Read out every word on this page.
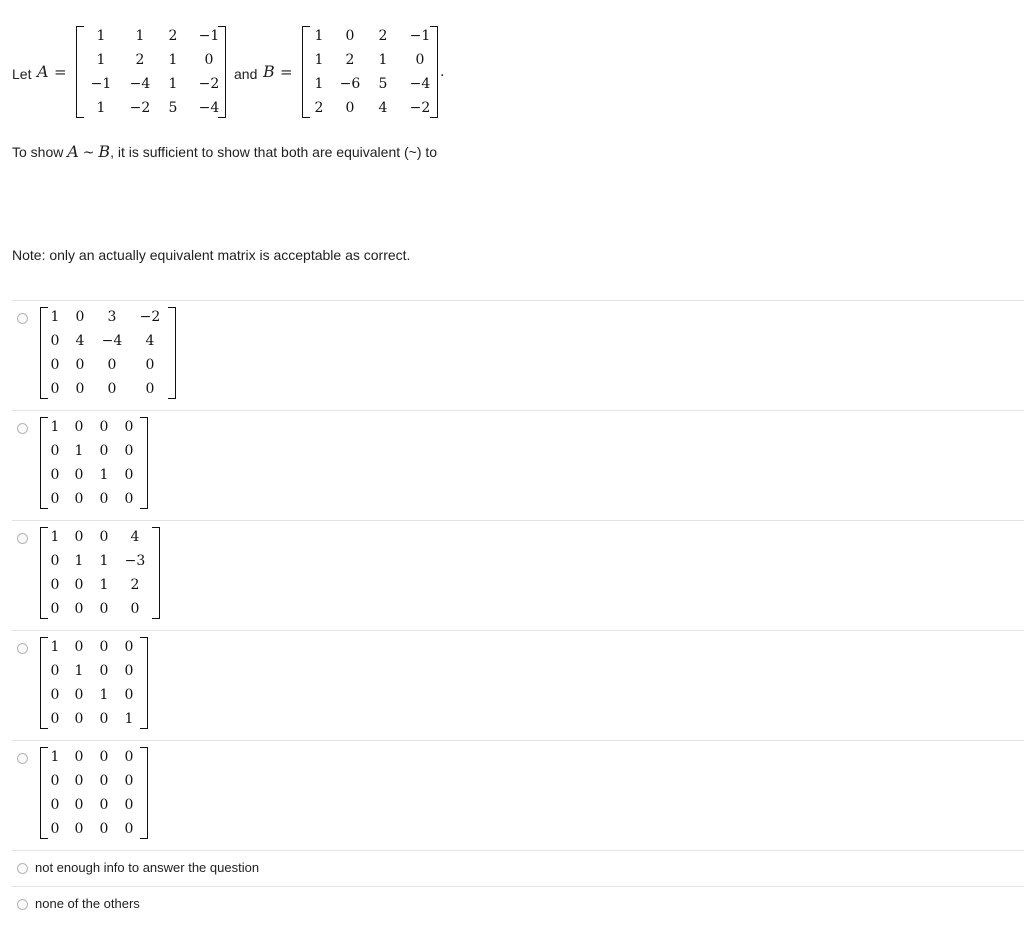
Let A =
1	1	2	−1
1	2	1	0
−1	−4	1	−2
1	−2	5	−4
and B =
1	0	2	−1
1	2	1	0
1	−6	5	−4
2	0	4	−2
.
To show A ~ B, it is sufficient to show that both are equivalent (~) to
Note: only an actually equivalent matrix is acceptable as correct.
1	0	3	−2
0	4	−4	4
0	0	0	0
0	0	0	0
1	0	0	0
0	1	0	0
0	0	1	0
0	0	0	0
1	0	0	4
0	1	1	−3
0	0	1	2
0	0	0	0
1	0	0	0
0	1	0	0
0	0	1	0
0	0	0	1
1	0	0	0
0	0	0	0
0	0	0	0
0	0	0	0
not enough info to answer the question
none of the others
